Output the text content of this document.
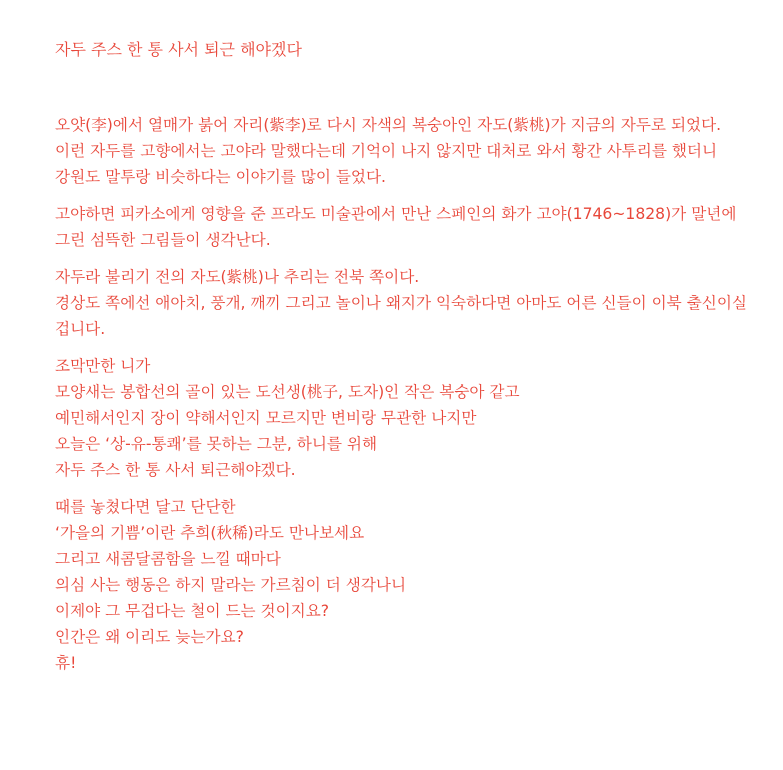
자두 주스 한 통 사서 퇴근 해야겠다
오얏(李)에서 열매가 붉어 자리(紫李)로 다시 자색의 복숭아인 자도(紫桃)가 지금의 자두로 되었다.
이런 자두를 고향에서는 고야라 말했다는데 기억이 나지 않지만 대처로 와서 황간 사투리를 했더니 강원도 말투랑 비슷하다는 이야기를 많이 들었다.
고야하면 피카소에게 영향을 준 프라도 미술관에서 만난 스페인의 화가 고야(1746~1828)가 말년에 그린 섬뜩한 그림들이 생각난다.
자두라 불리기 전의 자도(紫桃)나 추리는 전북 쪽이다.
경상도 쪽에선 애아치, 풍개, 깨끼 그리고 놀이나 왜지가 익숙하다면 아마도 어른 신들이 이북 출신이실 겁니다.
조막만한 니가
모양새는 봉합선의 골이 있는 도선생(桃子, 도자)인 작은 복숭아 같고
예민해서인지 장이 약해서인지 모르지만 변비랑 무관한 나지만
오늘은 ‘상-유-통쾌’를 못하는 그분, 하니를 위해
자두 주스 한 통 사서 퇴근해야겠다.
때를 놓쳤다면 달고 단단한
‘가을의 기쁨’이란 추희(秋稀)라도 만나보세요
그리고 새콤달콤함을 느낄 때마다
의심 사는 행동은 하지 말라는 가르침이 더 생각나니
이제야 그 무겁다는 철이 드는 것이지요?
인간은 왜 이리도 늦는가요?
휴!
